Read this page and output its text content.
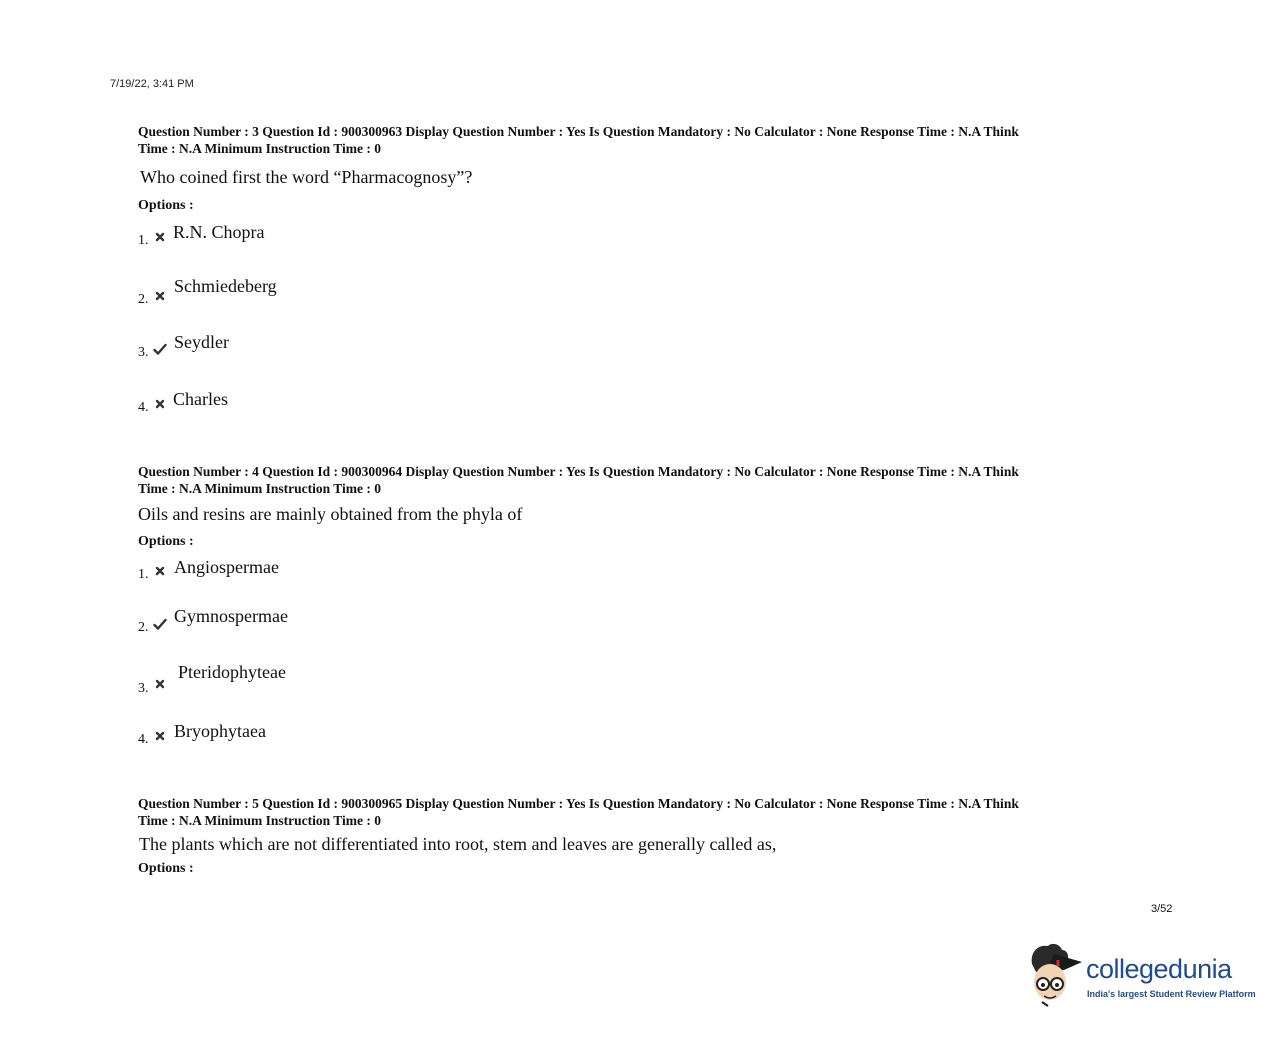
7/19/22, 3:41 PM
Question Number : 3 Question Id : 900300963 Display Question Number : Yes Is Question Mandatory : No Calculator : None Response Time : N.A Think
Time : N.A Minimum Instruction Time : 0
Who coined first the word “Pharmacognosy”?
Options :
1. R.N. Chopra
2.
Schmiedeberg
3.
Seydler
4. Charles
Question Number : 4 Question Id : 900300964 Display Question Number : Yes Is Question Mandatory : No Calculator : None Response Time : N.A Think
Time : N.A Minimum Instruction Time : 0
Oils and resins are mainly obtained from the phyla of
Options :
1. Angiospermae
2.
Gymnospermae
3.
Pteridophyteae
4. Bryophytaea
Question Number : 5 Question Id : 900300965 Display Question Number : Yes Is Question Mandatory : No Calculator : None Response Time : N.A Think
Time : N.A Minimum Instruction Time : 0
The plants which are not differentiated into root, stem and leaves are generally called as,
Options :
3/52
collegedunia
India's largest Student Review Platform
